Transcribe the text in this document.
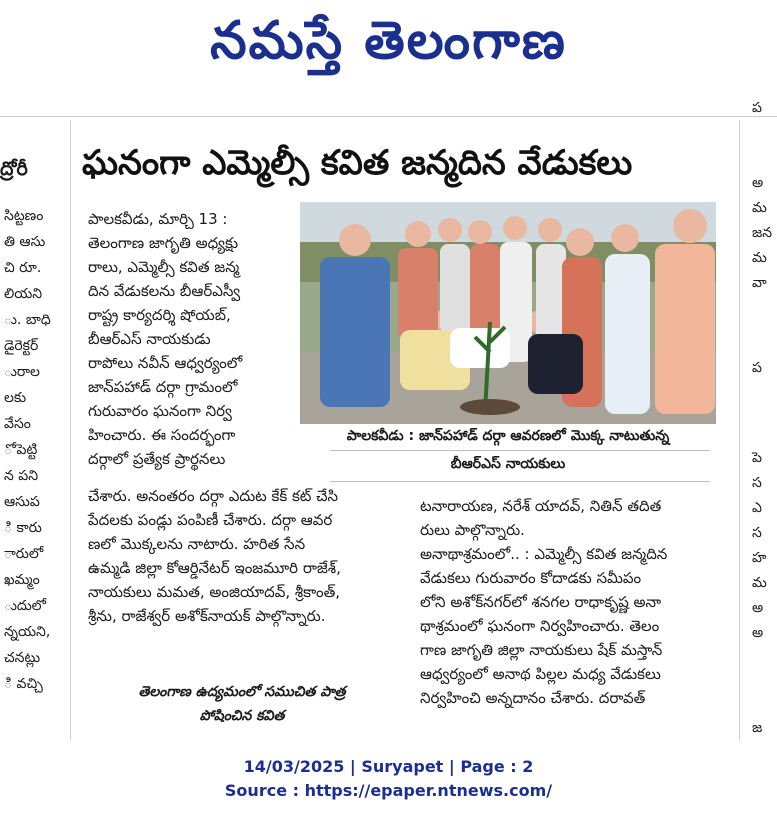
నమస్తే తెలంగాణ
ద్రోరీ
సిట్టణం
తి ఆసు
చి రూ.
లియని
ు. బాధి
డైరెక్టర్
ురాల
లకు
వేసం
ో పెట్టి
న పని
ఆసుప
ి కారు
ారులో
ఖమ్మం
ుదులో
న్నయని,
చనట్లు
ి వచ్చి
ఘనంగా ఎమ్మెల్సీ కవిత జన్మదిన వేడుకలు
పాలకవీడు, మార్చి 13 :
తెలంగాణ జాగృతి అధ్యక్షు
రాలు, ఎమ్మెల్సీ కవిత జన్మ
దిన వేడుకలను బీఆర్ఎస్వీ
రాష్ట్ర కార్యదర్శి షోయబ్,
బీఆర్ఎస్ నాయకుడు
రాపోలు నవీన్ ఆధ్వర్యంలో
జాన్‌పహాడ్ దర్గా గ్రామంలో
గురువారం ఘనంగా నిర్వ
హించారు. ఈ సందర్భంగా
దర్గాలో ప్రత్యేక ప్రార్థనలు
పాలకవీడు : జాన్‌పహాడ్ దర్గా ఆవరణలో మొక్క నాటుతున్న
బీఆర్ఎస్ నాయకులు
చేశారు. అనంతరం దర్గా ఎదుట కేక్ కట్ చేసి
పేదలకు పండ్లు పంపిణీ చేశారు. దర్గా ఆవర
ణలో మొక్కలను నాటారు. హరిత సేన
ఉమ్మడి జిల్లా కోఆర్డినేటర్ ఇంజమూరి రాజేశ్,
నాయకులు మమత, అంజియాదవ్, శ్రీకాంత్,
శ్రీను, రాజేశ్వర్ అశోక్‌నాయక్ పాల్గొన్నారు.
తెలంగాణ ఉద్యమంలో సముచిత పాత్ర
పోషించిన కవిత
టనారాయణ, నరేశ్ యాదవ్, నితిన్ తదిత
రులు పాల్గొన్నారు.
అనాథాశ్రమంలో.. : ఎమ్మెల్సీ కవిత జన్మదిన
వేడుకలు గురువారం కోదాడకు సమీపం
లోని అశోక్‌నగర్‌లో శనగల రాధాకృష్ణ అనా
థాశ్రమంలో ఘనంగా నిర్వహించారు. తెలం
గాణ జాగృతి జిల్లా నాయకులు షేక్ మస్తాన్
ఆధ్వర్యంలో అనాథ పిల్లల మధ్య వేడుకలు
నిర్వహించి అన్నదానం చేశారు. దరావత్
ప
అ
మ
జన
మ
వా
ప
పె
స
ఎ
స
హ
మ
అ
అ
జ
14/03/2025 | Suryapet | Page : 2
Source : https://epaper.ntnews.com/
